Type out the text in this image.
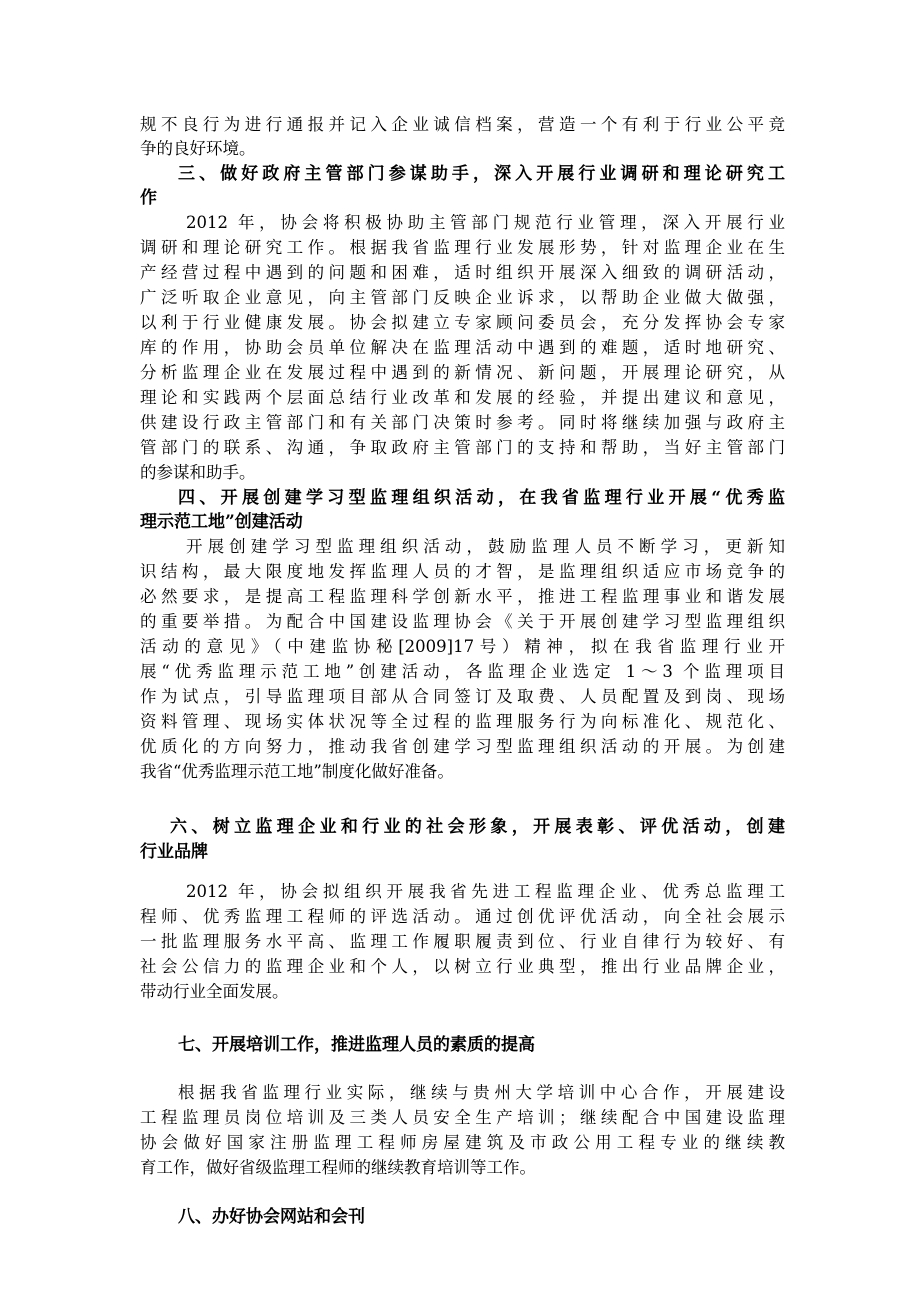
规不良行为进行通报并记入企业诚信档案，营造一个有利于行业公平竞
争的良好环境。
三、做好政府主管部门参谋助手，深入开展行业调研和理论研究工
作
2012 年，协会将积极协助主管部门规范行业管理，深入开展行业
调研和理论研究工作。根据我省监理行业发展形势，针对监理企业在生
产经营过程中遇到的问题和困难，适时组织开展深入细致的调研活动，
广泛听取企业意见，向主管部门反映企业诉求，以帮助企业做大做强，
以利于行业健康发展。协会拟建立专家顾问委员会，充分发挥协会专家
库的作用，协助会员单位解决在监理活动中遇到的难题，适时地研究、
分析监理企业在发展过程中遇到的新情况、新问题，开展理论研究，从
理论和实践两个层面总结行业改革和发展的经验，并提出建议和意见，
供建设行政主管部门和有关部门决策时参考。同时将继续加强与政府主
管部门的联系、沟通，争取政府主管部门的支持和帮助，当好主管部门
的参谋和助手。
四、开展创建学习型监理组织活动，在我省监理行业开展“优秀监
理示范工地”创建活动
开展创建学习型监理组织活动，鼓励监理人员不断学习，更新知
识结构，最大限度地发挥监理人员的才智，是监理组织适应市场竞争的
必然要求，是提高工程监理科学创新水平，推进工程监理事业和谐发展
的重要举措。为配合中国建设监理协会《关于开展创建学习型监理组织
活动的意见》（中建监协秘[2009]17号）精神，拟在我省监理行业开
展“优秀监理示范工地”创建活动，各监理企业选定 1～3 个监理项目
作为试点，引导监理项目部从合同签订及取费、人员配置及到岗、现场
资料管理、现场实体状况等全过程的监理服务行为向标准化、规范化、
优质化的方向努力，推动我省创建学习型监理组织活动的开展。为创建
我省“优秀监理示范工地”制度化做好准备。
六、树立监理企业和行业的社会形象，开展表彰、评优活动，创建
行业品牌
2012 年，协会拟组织开展我省先进工程监理企业、优秀总监理工
程师、优秀监理工程师的评选活动。通过创优评优活动，向全社会展示
一批监理服务水平高、监理工作履职履责到位、行业自律行为较好、有
社会公信力的监理企业和个人，以树立行业典型，推出行业品牌企业，
带动行业全面发展。
七、开展培训工作，推进监理人员的素质的提高
根据我省监理行业实际，继续与贵州大学培训中心合作，开展建设
工程监理员岗位培训及三类人员安全生产培训；继续配合中国建设监理
协会做好国家注册监理工程师房屋建筑及市政公用工程专业的继续教
育工作，做好省级监理工程师的继续教育培训等工作。
八、办好协会网站和会刊
